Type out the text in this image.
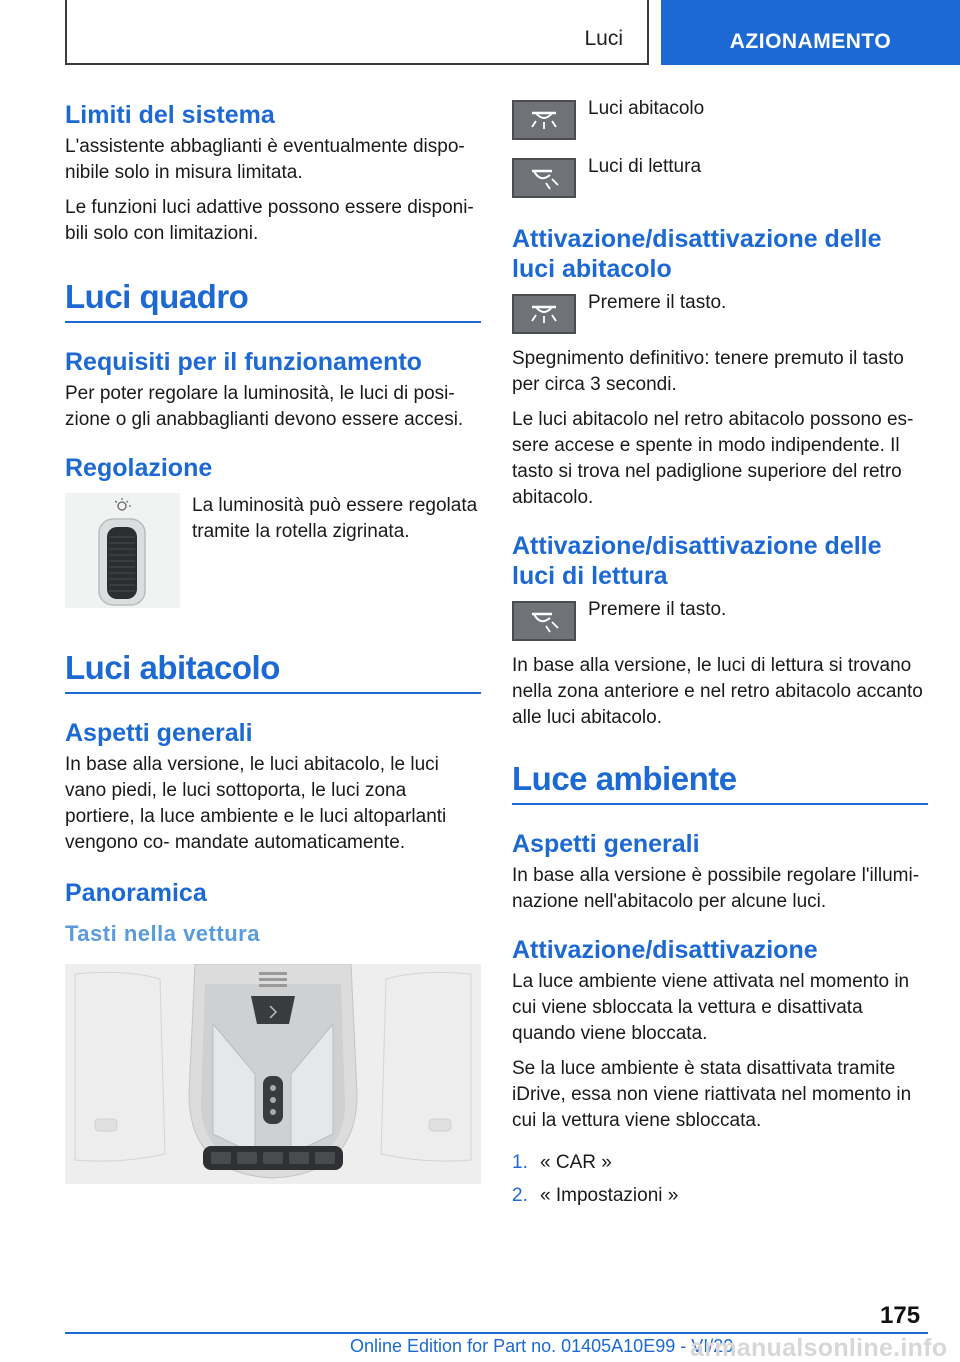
Luci	AZIONAMENTO
Limiti del sistema

L'assistente abbaglianti è eventualmente dispo‐ nibile solo in misura limitata.

Le funzioni luci adattive possono essere disponi‐ bili solo con limitazioni.

Luci quadro
Requisiti per il funzionamento

Per poter regolare la luminosità, le luci di posi‐ zione o gli anabbaglianti devono essere accesi.

Regolazione
La luminosità può essere regolata tramite la rotella zigrinata.
Luci abitacolo
Aspetti generali

In base alla versione, le luci abitacolo, le luci vano piedi, le luci sottoporta, le luci zona portiere, la luce ambiente e le luci altoparlanti vengono co‐ mandate automaticamente.

Panoramica
Tasti nella vettura
Luci abitacolo
Luci di lettura
Attivazione/disattivazione delle luci abitacolo
Premere il tasto.

Spegnimento definitivo: tenere premuto il tasto per circa 3 secondi.

Le luci abitacolo nel retro abitacolo possono es‐ sere accese e spente in modo indipendente. Il tasto si trova nel padiglione superiore del retro abitacolo.

Attivazione/disattivazione delle luci di lettura
Premere il tasto.

In base alla versione, le luci di lettura si trovano nella zona anteriore e nel retro abitacolo accanto alle luci abitacolo.

Luce ambiente
Aspetti generali

In base alla versione è possibile regolare l'illumi‐ nazione nell'abitacolo per alcune luci.

Attivazione/disattivazione

La luce ambiente viene attivata nel momento in cui viene sbloccata la vettura e disattivata quando viene bloccata.

Se la luce ambiente è stata disattivata tramite iDrive, essa non viene riattivata nel momento in cui la vettura viene sbloccata.

1. « CAR »
2. « Impostazioni »
175
Online Edition for Part no. 01405A10E99 - VI/20
armanualsonline.info
